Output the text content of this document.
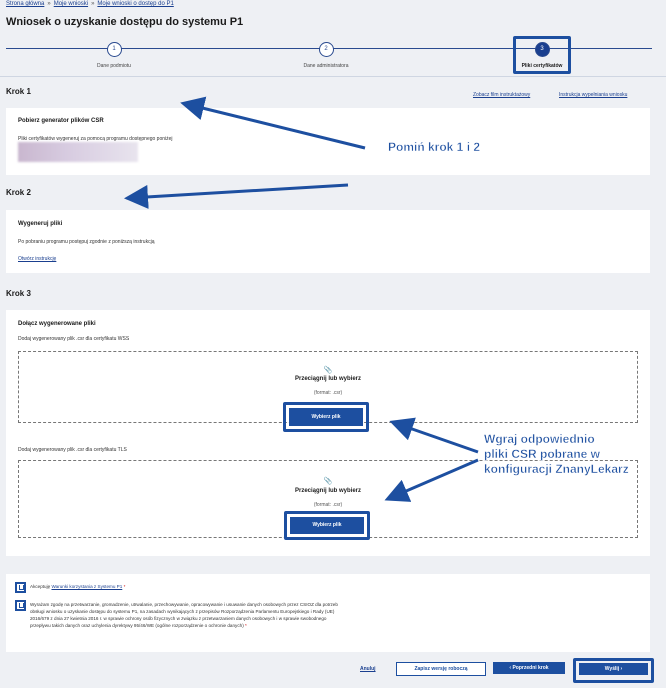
Strona główna » Moje wnioski » Moje wnioski o dostęp do P1
Wniosek o uzyskanie dostępu do systemu P1
1
Dane podmiotu
2
Dane administratora
3
Pliki certyfikatów
Krok 1	Zobacz film instruktażowy	Instrukcja wypełniania wniosku
Pobierz generator plików CSR
Pliki certyfikatów wygeneruj za pomocą programu dostępnego poniżej
Krok 2
Wygeneruj pliki
Po pobraniu programu postępuj zgodnie z poniższą instrukcją
Otwórz instrukcję
Krok 3
Dołącz wygenerowane pliki
Dodaj wygenerowany plik .csr dla certyfikatu WSS
📎
Przeciągnij lub wybierz
(format: .csr)
Dodaj wygenerowany plik .csr dla certyfikatu TLS
📎
Przeciągnij lub wybierz
(format: .csr)
Wybierz plik
Wybierz plik
Akceptuję Warunki korzystania z Systemu P1 *
Wyrażam zgodę na przetwarzanie, gromadzenie, utrwalanie, przechowywanie, opracowywanie i usuwanie danych osobowych przez CSIOZ dla potrzeb
obsługi wniosku o uzyskanie dostępu do systemu P1, na zasadach wynikających z przepisów Rozporządzenia Parlamentu Europejskiego i Rady (UE)
2016/679 z dnia 27 kwietnia 2016 r. w sprawie ochrony osób fizycznych w związku z przetwarzaniem danych osobowych i w sprawie swobodnego
przepływu takich danych oraz uchylenia dyrektywy 95/46/WE (ogólne rozporządzenie o ochronie danych) *
Anuluj	Zapisz wersję roboczą	‹ Poprzedni krok	Wyślij ›
Pomiń krok 1 i 2
Wgraj odpowiednio
pliki CSR pobrane w
konfiguracji ZnanyLekarz
